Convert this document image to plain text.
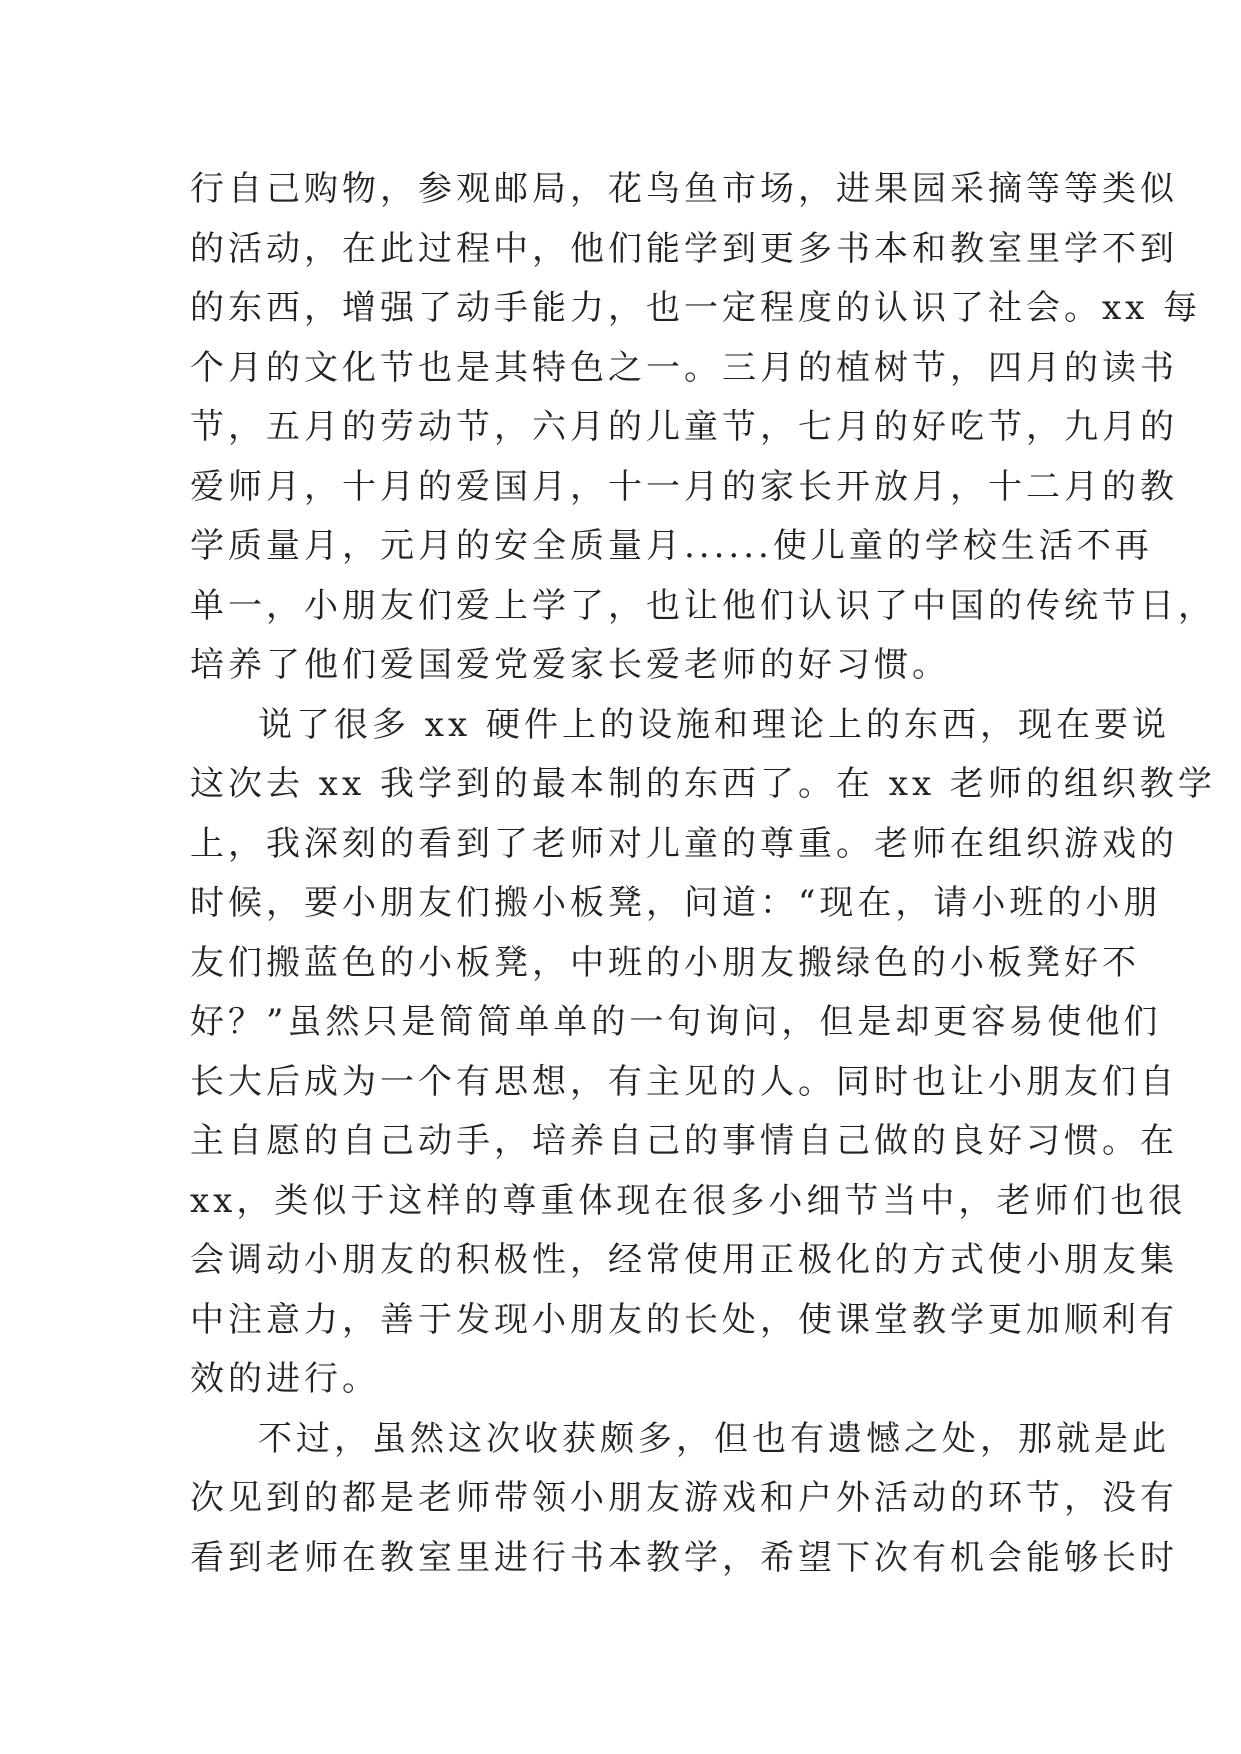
行自己购物，参观邮局，花鸟鱼市场，进果园采摘等等类似
的活动，在此过程中，他们能学到更多书本和教室里学不到
的东西，增强了动手能力，也一定程度的认识了社会。xx 每
个月的文化节也是其特色之一。三月的植树节，四月的读书
节，五月的劳动节，六月的儿童节，七月的好吃节，九月的
爱师月，十月的爱国月，十一月的家长开放月，十二月的教
学质量月，元月的安全质量月......使儿童的学校生活不再
单一，小朋友们爱上学了，也让他们认识了中国的传统节日，
培养了他们爱国爱党爱家长爱老师的好习惯。
说了很多 xx 硬件上的设施和理论上的东西，现在要说
这次去 xx 我学到的最本制的东西了。在 xx 老师的组织教学
上，我深刻的看到了老师对儿童的尊重。老师在组织游戏的
时候，要小朋友们搬小板凳，问道：“现在，请小班的小朋
友们搬蓝色的小板凳，中班的小朋友搬绿色的小板凳好不
好？”虽然只是简简单单的一句询问，但是却更容易使他们
长大后成为一个有思想，有主见的人。同时也让小朋友们自
主自愿的自己动手，培养自己的事情自己做的良好习惯。在
xx，类似于这样的尊重体现在很多小细节当中，老师们也很
会调动小朋友的积极性，经常使用正极化的方式使小朋友集
中注意力，善于发现小朋友的长处，使课堂教学更加顺利有
效的进行。
不过，虽然这次收获颇多，但也有遗憾之处，那就是此
次见到的都是老师带领小朋友游戏和户外活动的环节，没有
看到老师在教室里进行书本教学，希望下次有机会能够长时
